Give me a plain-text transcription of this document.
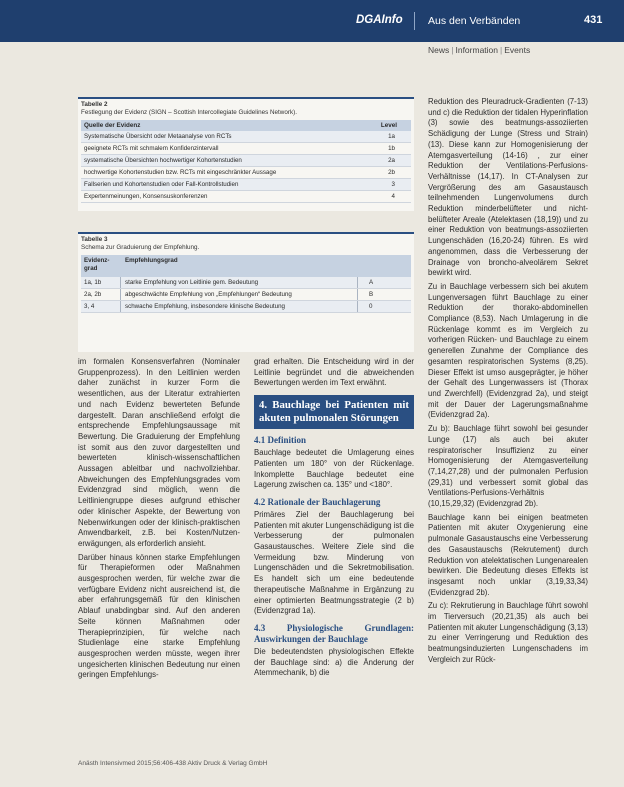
DGAInfo Aus den Verbänden	431
News | Information | Events
Tabelle 2
Festlegung der Evidenz (SIGN – Scottish Intercollegiate Guidelines Network).
Quelle der Evidenz	Level
Systematische Übersicht oder Metaanalyse von RCTs	1a
geeignete RCTs mit schmalem Konfidenzintervall	1b
systematische Übersichten hochwertiger Kohortenstudien	2a
hochwertige Kohortenstudien bzw. RCTs mit eingeschränkter Aussage	2b
Fallserien und Kohortenstudien oder Fall-Kontrollstudien	3
Expertenmeinungen, Konsensuskonferenzen	4
Tabelle 3
Schema zur Graduierung der Empfehlung.
Evidenz-grad
Empfehlungsgrad
1a, 1b	starke Empfehlung von Leitlinie gem. Bedeutung	A
2a, 2b	abgeschwächte Empfehlung von „Empfehlungen“ Bedeutung	B
3, 4	schwache Empfehlung, insbesondere klinische Bedeutung	0

im formalen Konsensverfahren (Nominaler Gruppenprozess). In den Leitlinien werden daher zunächst in kurzer Form die wesentlichen, aus der Literatur extrahierten und nach Evidenz bewerteten Befunde dargestellt. Daran anschließend erfolgt die entsprechende Empfehlungsaussage mit Bewertung. Die Graduierung der Empfehlung ist somit aus den zuvor dargestellten und bewerteten klinisch-wissenschaftlichen Aussagen ableitbar und nachvollziehbar. Abweichungen des Empfehlungsgrades vom Evidenzgrad sind möglich, wenn die Leitliniengruppe dieses aufgrund ethischer oder klinischer Aspekte, der Bewertung von Nebenwirkungen oder der klinisch-praktischen Anwendbarkeit, z.B. bei Kosten/Nutzen-erwägungen, als erforderlich ansieht.

Darüber hinaus können starke Empfehlungen für Therapieformen oder Maßnahmen ausgesprochen werden, für welche zwar die verfügbare Evidenz nicht ausreichend ist, die aber erfahrungsgemäß für den klinischen Ablauf unabdingbar sind. Auf den anderen Seite können Maßnahmen oder Therapieprinzipien, für welche nach Studienlage eine starke Empfehlung ausgesprochen werden müsste, wegen ihrer ungesicherten klinischen Bedeutung nur einen geringen Empfehlungs-

grad erhalten. Die Entscheidung wird in der Leitlinie begründet und die abweichenden Bewertungen werden im Text erwähnt.

4. Bauchlage bei Patienten mit akuten pulmonalen Störungen
4.1 Definition

Bauchlage bedeutet die Umlagerung eines Patienten um 180° von der Rückenlage. Inkomplette Bauchlage bedeutet eine Lagerung zwischen ca. 135° und <180°.

4.2 Rationale der Bauchlagerung

Primäres Ziel der Bauchlagerung bei Patienten mit akuter Lungenschädigung ist die Verbesserung der pulmonalen Gasaustausches. Weitere Ziele sind die Vermeidung bzw. Minderung von Lungenschäden und die Sekretmobilisation. Es handelt sich um eine bedeutende therapeutische Maßnahme in Ergänzung zu einer optimierten Beatmungsstrategie (2 b) (Evidenzgrad 1a).

4.3 Physiologische Grundlagen: Auswirkungen der Bauchlage

Die bedeutendsten physiologischen Effekte der Bauchlage sind: a) die Änderung der Atemmechanik, b) die

Reduktion des Pleuradruck-Gradienten (7-13) und c) die Reduktion der tidalen Hyperinflation (3) sowie des beatmungs-assoziierten Schädigung der Lunge (Stress und Strain) (13). Diese kann zur Homogenisierung der Atemgasverteilung (14-16) , zur einer Reduktion der Ventilations-Perfusions-Verhältnisse (14,17). In CT-Analysen zur Vergrößerung des am Gasaustausch teilnehmenden Lungenvolumens durch Reduktion minderbelüfteter und nicht-belüfteter Areale (Atelektasen (18,19)) und zu einer Reduktion von beatmungs-assoziierten Lungenschäden (16,20-24) führen. Es wird angenommen, dass die Verbesserung der Drainage von broncho-alveolärem Sekret bewirkt wird.

Zu in Bauchlage verbessern sich bei akutem Lungenversagen führt Bauchlage zu einer Reduktion der thorako-abdominellen Compliance (8,53). Nach Umlagerung in die Rückenlage kommt es im Vergleich zu vorherigen Rücken- und Bauchlage zu einem generellen Zunahme der Compliance des gesamten respiratorischen Systems (8,25). Dieser Effekt ist umso ausgeprägter, je höher der Gehalt des Lungenwassers ist (Thorax und Zwerchfell) (Evidenzgrad 2a), und steigt mit der Dauer der Lagerungsmaßnahme (Evidenzgrad 2a).

Zu b): Bauchlage führt sowohl bei gesunder Lunge (17) als auch bei akuter respiratorischer Insuffizienz zu einer Homogenisierung der Atemgasverteilung (7,14,27,28) und der pulmonalen Perfusion (29,31) und verbessert somit global das Ventilations-Perfusions-Verhältnis (10,15,29,32) (Evidenzgrad 2b).

Bauchlage kann bei einigen beatmeten Patienten mit akuter Oxygenierung eine pulmonale Gasaustauschs eine Verbesserung des Gasaustauschs (Rekrutement) durch Reduktion von atelektatischen Lungenarealen bewirken. Die Bedeutung dieses Effekts ist insgesamt noch unklar (3,19,33,34) (Evidenzgrad 2b).

Zu c): Rekrutierung in Bauchlage führt sowohl im Tierversuch (20,21,35) als auch bei Patienten mit akuter Lungenschädigung (3,13) zu einer Verringerung und Reduktion des beatmungsinduzierten Lungenschadens im Vergleich zur Rück-

Anästh Intensivmed 2015;56:406-438 Aktiv Druck & Verlag GmbH
